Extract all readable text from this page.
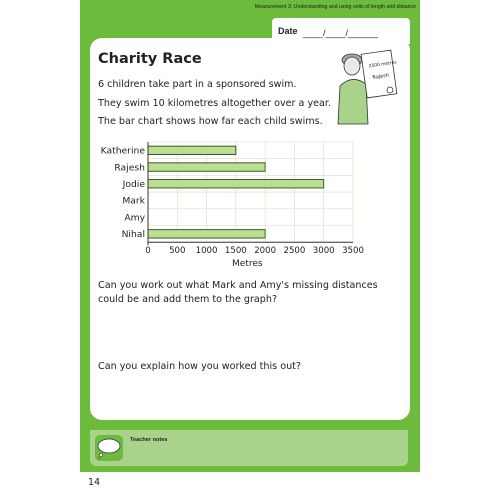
Measurement 3: Understanding and using units of length and distance
Date ____/____/______
Charity Race
6 children take part in a sponsored swim.
They swim 10 kilometres altogether over a year.
The bar chart shows how far each child swims.
2500 metres
Rajesh
Katherine
Rajesh
Jodie
Mark
Amy
Nihal
0 500 1000 1500 2000 2500 3000 3500
Metres
Can you work out what Mark and Amy's missing distances could be and add them to the graph?
Can you explain how you worked this out?
Teacher notes
14
